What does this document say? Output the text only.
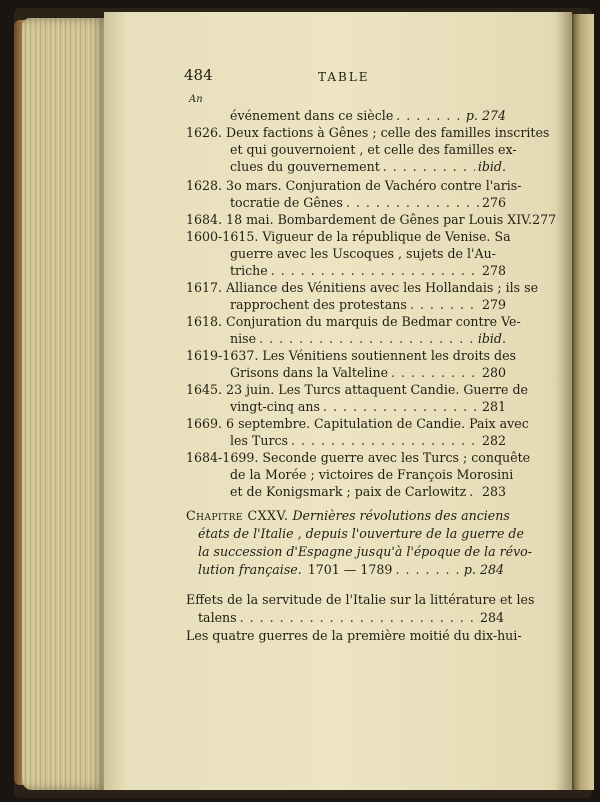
484	TABLE
An
événement dans ce siècle . . .	p. 274
1626. Deux factions à Gênes ; celle des familles inscrites
et qui gouvernoient , et celle des familles ex-
clues du gouvernement . . .	ibid.
1628. 3o mars. Conjuration de Vachéro contre l'aris-
tocratie de Gênes . . .	276
1684. 18 mai. Bombardement de Gênes par Louis XIV. 277
1600-1615. Vigueur de la république de Venise. Sa
guerre avec les Uscoques , sujets de l'Au-
triche . . .	278
1617. Alliance des Vénitiens avec les Hollandais ; ils se
rapprochent des protestans . . .	279
1618. Conjuration du marquis de Bedmar contre Ve-
nise . . .	ibid.
1619-1637. Les Vénitiens soutiennent les droits des
Grisons dans la Valteline . . .	280
1645. 23 juin. Les Turcs attaquent Candie. Guerre de
vingt-cinq ans . . .	281
1669. 6 septembre. Capitulation de Candie. Paix avec
les Turcs . . .	282
1684-1699. Seconde guerre avec les Turcs ; conquête
de la Morée ; victoires de François Morosini
et de Konigsmark ; paix de Carlowitz . . . 283
Chapitre CXXV. Dernières révolutions des anciens
états de l'Italie , depuis l'ouverture de la guerre de
la succession d'Espagne jusqu'à l'époque de la révo-
lution française. 1701 — 1789 . . .	p. 284
Effets de la servitude de l'Italie sur la littérature et les
talens . . .	284
Les quatre guerres de la première moitié du dix-hui-
